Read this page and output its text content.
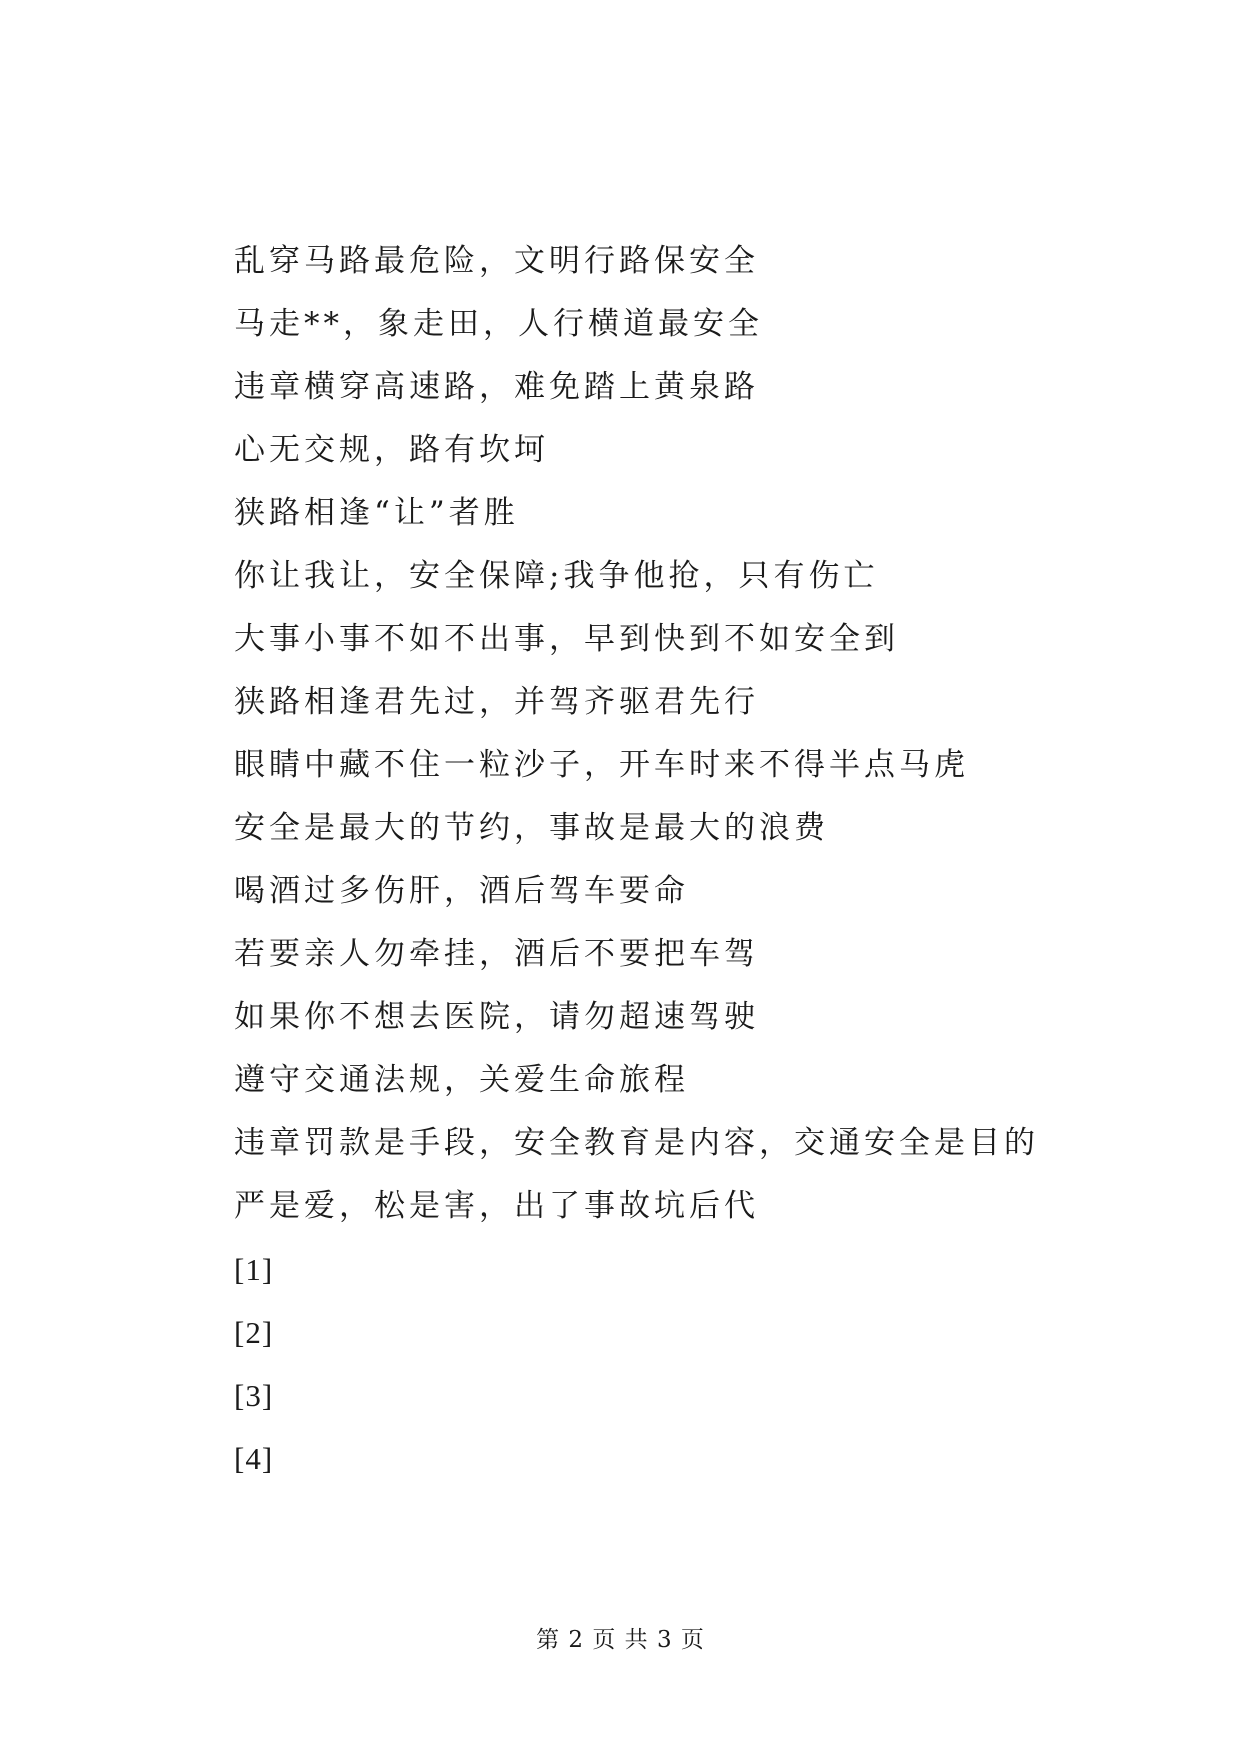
乱穿马路最危险，文明行路保安全
马走**，象走田，人行横道最安全
违章横穿高速路，难免踏上黄泉路
心无交规，路有坎坷
狭路相逢“让”者胜
你让我让，安全保障;我争他抢，只有伤亡
大事小事不如不出事，早到快到不如安全到
狭路相逢君先过，并驾齐驱君先行
眼睛中藏不住一粒沙子，开车时来不得半点马虎
安全是最大的节约，事故是最大的浪费
喝酒过多伤肝，酒后驾车要命
若要亲人勿牵挂，酒后不要把车驾
如果你不想去医院，请勿超速驾驶
遵守交通法规，关爱生命旅程
违章罚款是手段，安全教育是内容，交通安全是目的
严是爱，松是害，出了事故坑后代
[1]
[2]
[3]
[4]
第 2 页 共 3 页
